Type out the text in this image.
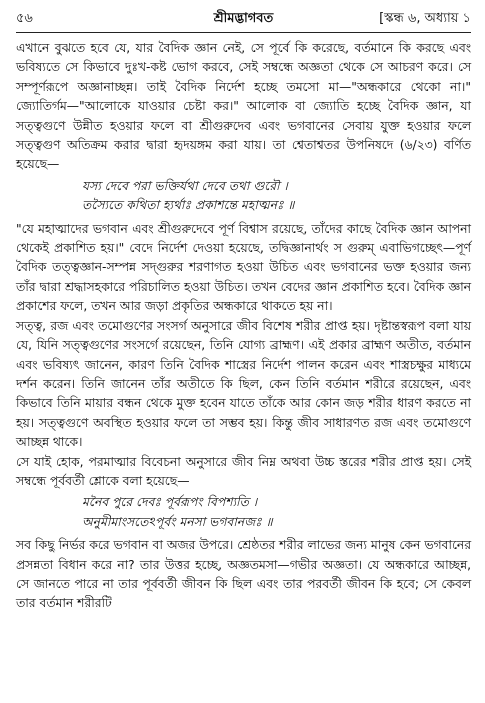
৫৬	শ্রীমদ্ভাগবত	[স্কন্ধ ৬, অধ্যায় ১

এখানে বুঝতে হবে যে, যার বৈদিক জ্ঞান নেই, সে পূর্বে কি করেছে, বর্তমানে কি করছে এবং ভবিষ্যতে সে কিভাবে দুঃখ-কষ্ট ভোগ করবে, সেই সম্বন্ধে অজ্ঞতা থেকে সে আচরণ করে। সে সম্পূর্ণরূপে অজ্ঞানাচ্ছন্ন। তাই বৈদিক নির্দেশ হচ্ছে তমসো মা—"অন্ধকারে থেকো না।" জ্যোতির্গম—"আলোকে যাওয়ার চেষ্টা কর।" আলোক বা জ্যোতি হচ্ছে বৈদিক জ্ঞান, যা সত্ত্বগুণে উন্নীত হওয়ার ফলে বা শ্রীগুরুদেব এবং ভগবানের সেবায় যুক্ত হওয়ার ফলে সত্ত্বগুণ অতিক্রম করার দ্বারা হৃদয়ঙ্গম করা যায়। তা শ্বেতাশ্বতর উপনিষদে (৬/২৩) বর্ণিত হয়েছে—

যস্য দেবে পরা ভক্তির্যথা দেবে তথা গুরৌ ।
তস্যৈতে কথিতা হ্যর্থাঃ প্রকাশন্তে মহাত্মনঃ ॥

"যে মহাত্মাদের ভগবান এবং শ্রীগুরুদেবে পূর্ণ বিশ্বাস রয়েছে, তাঁদের কাছে বৈদিক জ্ঞান আপনা থেকেই প্রকাশিত হয়।" বেদে নির্দেশ দেওয়া হয়েছে, তদ্বিজ্ঞানার্থং স গুরুম্ এবাভিগচ্ছেৎ—পূর্ণ বৈদিক তত্ত্বজ্ঞান-সম্পন্ন সদ্গুরুর শরণাগত হওয়া উচিত এবং ভগবানের ভক্ত হওয়ার জন্য তাঁর দ্বারা শ্রদ্ধাসহকারে পরিচালিত হওয়া উচিত। তখন বেদের জ্ঞান প্রকাশিত হবে। বৈদিক জ্ঞান প্রকাশের ফলে, তখন আর জড়া প্রকৃতির অন্ধকারে থাকতে হয় না।

সত্ত্ব, রজ এবং তমোগুণের সংসর্গ অনুসারে জীব বিশেষ শরীর প্রাপ্ত হয়। দৃষ্টান্তস্বরূপ বলা যায় যে, যিনি সত্ত্বগুণের সংসর্গে রয়েছেন, তিনি যোগ্য ব্রাহ্মণ। এই প্রকার ব্রাহ্মণ অতীত, বর্তমান এবং ভবিষ্যৎ জানেন, কারণ তিনি বৈদিক শাস্ত্রের নির্দেশ পালন করেন এবং শাস্ত্রচক্ষুর মাধ্যমে দর্শন করেন। তিনি জানেন তাঁর অতীতে কি ছিল, কেন তিনি বর্তমান শরীরে রয়েছেন, এবং কিভাবে তিনি মায়ার বন্ধন থেকে মুক্ত হবেন যাতে তাঁকে আর কোন জড় শরীর ধারণ করতে না হয়। সত্ত্বগুণে অবস্থিত হওয়ার ফলে তা সম্ভব হয়। কিন্তু জীব সাধারণত রজ এবং তমোগুণে আচ্ছন্ন থাকে।

সে যাই হোক, পরমাত্মার বিবেচনা অনুসারে জীব নিম্ন অথবা উচ্চ স্তরের শরীর প্রাপ্ত হয়। সেই সম্বন্ধে পূর্ববর্তী শ্লোকে বলা হয়েছে—

মনৈব পুরে দেবঃ পূর্বরূপং বিপশ্যতি ।
অনুমীমাংসতেঽপূর্বং মনসা ভগবানজঃ ॥

সব কিছু নির্ভর করে ভগবান বা অজর উপরে। শ্রেষ্ঠতর শরীর লাভের জন্য মানুষ কেন ভগবানের প্রসন্নতা বিধান করে না? তার উত্তর হচ্ছে, অজ্ঞতমসা—গভীর অজ্ঞতা। যে অন্ধকারে আচ্ছন্ন, সে জানতে পারে না তার পূর্ববর্তী জীবন কি ছিল এবং তার পরবর্তী জীবন কি হবে; সে কেবল তার বর্তমান শরীরটি
